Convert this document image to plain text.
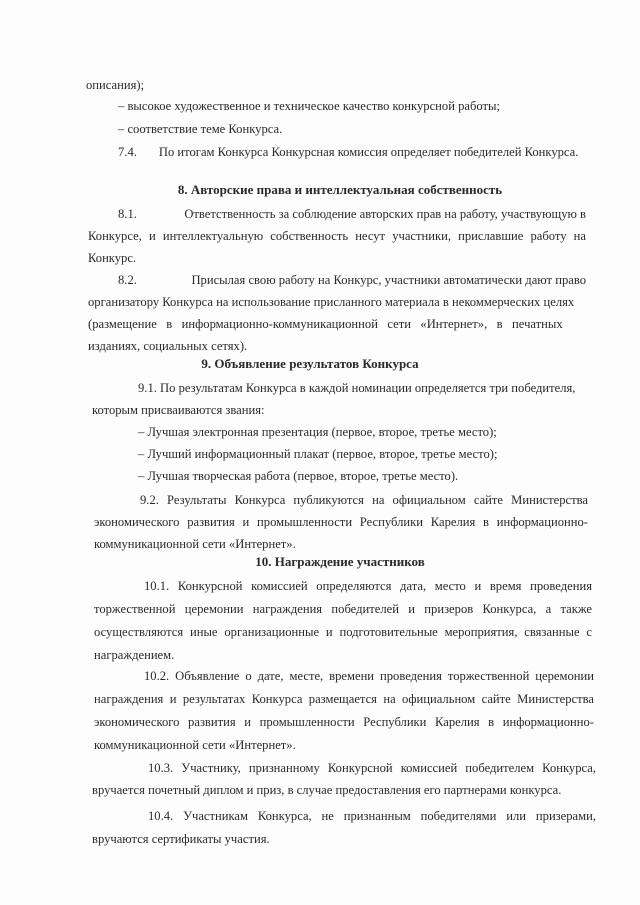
описания);
– высокое художественное и техническое качество конкурсной работы;
– соответствие теме Конкурса.
7.4. По итогам Конкурса Конкурсная комиссия определяет победителей Конкурса.
8. Авторские права и интеллектуальная собственность
8.1.	Ответственность за соблюдение авторских прав на работу, участвующую в
Конкурсе, и интеллектуальную собственность несут участники, приславшие работу на
Конкурс.
8.2.	Присылая свою работу на Конкурс, участники автоматически дают право
организатору Конкурса на использование присланного материала в некоммерческих целях
(размещение   в   информационно-коммуникационной   сети   «Интернет»,   в   печатных
изданиях, социальных сетях).
9. Объявление результатов Конкурса
9.1. По результатам Конкурса в каждой номинации определяется три победителя,
которым присваиваются звания:
– Лучшая электронная презентация (первое, второе, третье место);
– Лучший информационный плакат (первое, второе, третье место);
– Лучшая творческая работа (первое, второе, третье место).
9.2. Результаты Конкурса публикуются на официальном сайте Министерства
экономического развития и промышленности Республики Карелия в информационно-
коммуникационной сети «Интернет».
10. Награждение участников
10.1. Конкурсной комиссией определяются дата, место и время проведения
торжественной церемонии награждения победителей и призеров Конкурса, а также
осуществляются иные организационные и подготовительные мероприятия, связанные с
награждением.
10.2. Объявление о дате, месте, времени проведения торжественной церемонии
награждения и результатах Конкурса размещается на официальном сайте Министерства
экономического развития и промышленности Республики Карелия в информационно-
коммуникационной сети «Интернет».
10.3. Участнику, признанному Конкурсной комиссией победителем Конкурса,
вручается почетный диплом и приз, в случае предоставления его партнерами конкурса.
10.4. Участникам Конкурса, не признанным победителями или призерами,
вручаются сертификаты участия.
